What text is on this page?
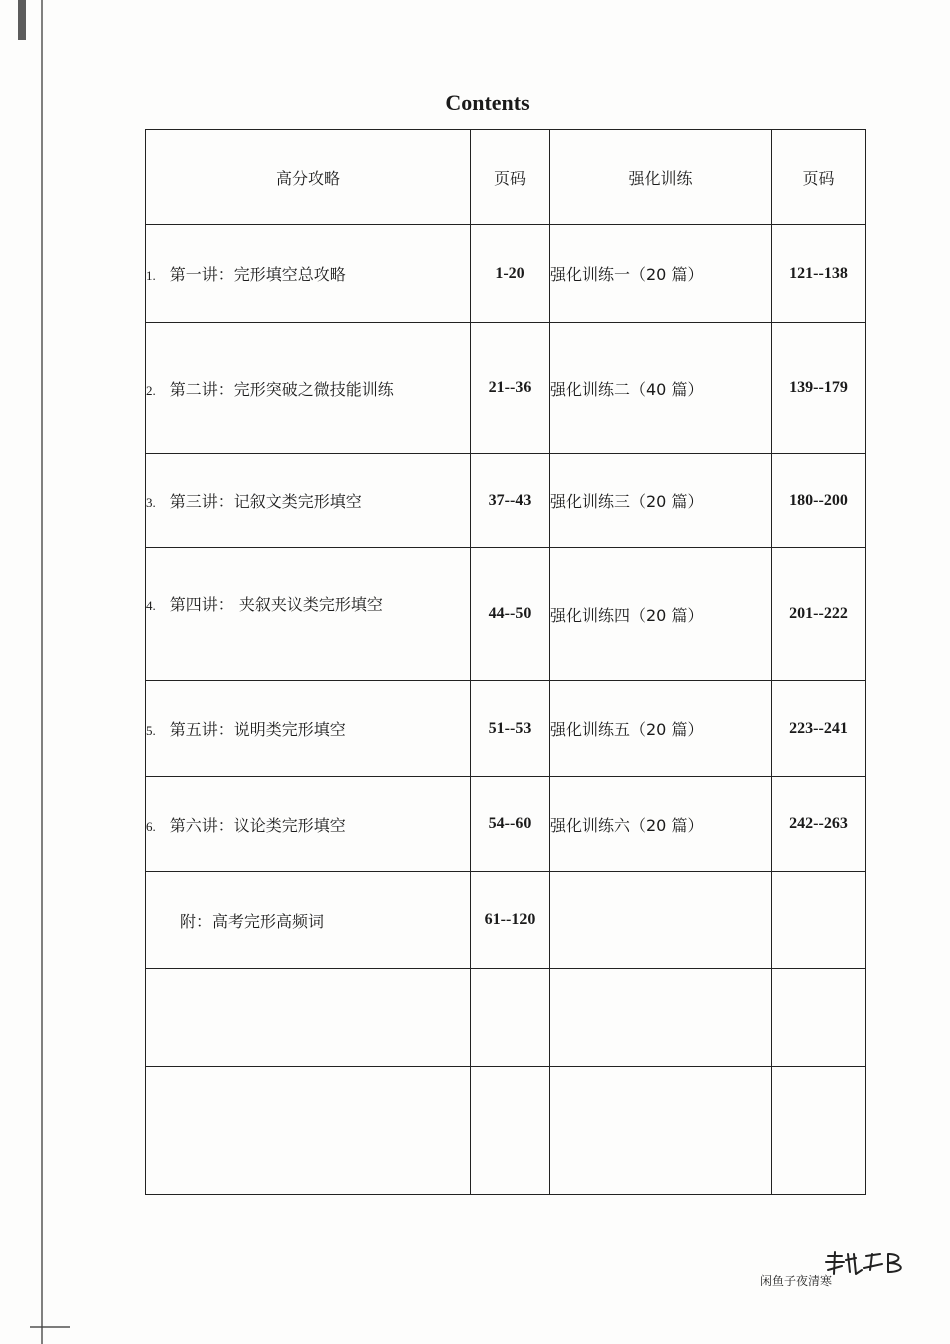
Contents
高分攻略	页码	强化训练	页码
1. 第一讲：完形填空总攻略	1-20	强化训练一（20 篇）	121--138
2. 第二讲：完形突破之微技能训练	21--36	强化训练二（40 篇）	139--179
3. 第三讲：记叙文类完形填空	37--43	强化训练三（20 篇）	180--200
4. 第四讲： 夹叙夹议类完形填空	44--50	强化训练四（20 篇）	201--222
5. 第五讲：说明类完形填空	51--53	强化训练五（20 篇）	223--241
6. 第六讲：议论类完形填空	54--60	强化训练六（20 篇）	242--263
附：高考完形高频词	61--120		

闲鱼子夜清寒
